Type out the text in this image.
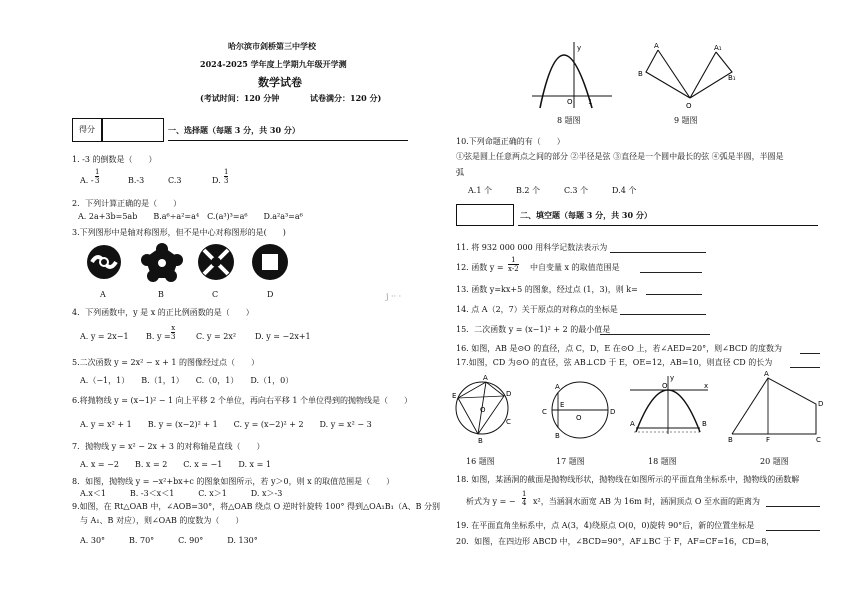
哈尔滨市剑桥第三中学校
2024-2025 学年度上学期九年级开学测
数学试卷
(考试时间：120 分钟	试卷满分：120 分)
得分	一、选择题（每题 3 分，共 30 分）
1. -3 的倒数是（　　）
A. -
1
3	B.-3	C.3	D.
1
3
2．下列计算正确的是（　　）
A. 2a+3b=5ab　　B.a⁶÷a²=a⁴　C.(a³)³=a⁶　　D.a²a³=a⁶
3.下列图形中是轴对称图形，但不是中心对称图形的是(　　)
A	B	C	D
4．下列函数中，y 是 x 的正比例函数的是（　　）
A. y = 2x−1 B. y =
x
3	C. y = 2x² D. y = −2x+1
5.二次函数 y = 2x² − x + 1 的图像经过点（　　）
A.（−1，1）　　B.（1，1）　　C.（0，1）　　D.（1，0）
6.将抛物线 y = (x−1)² − 1 向上平移 2 个单位，再向右平移 1 个单位得到的抛物线是（　　）
A. y = x² + 1　　B. y = (x−2)² + 1　　C. y = (x−2)² + 2　　D. y = x² − 3
7．抛物线 y = x² − 2x + 3 的对称轴是直线（　　）
A. x = −2　　B. x = 2　　C. x = −1　　D. x = 1
8．如图，抛物线 y = −x²+bx+c 的图象如图所示，若 y＞0，则 x 的取值范围是（　　）
A.x＜1　　　B. -3＜x＜1　　　C. x＞1　　　D. x＞-3
9.如图，在 Rt△OAB 中，∠AOB=30°，将△OAB 绕点 O 逆时针旋转 100° 得到△OA₁B₁（A、B 分别
与 A₁、B 对应），则∠OAB 的度数为（　　）
A. 30°　　　B. 70°　　　C. 90°　　　D. 130°
j ·· ·
y
O 1
8 题图
A	A₁
B	B₁
O
9 题图
10.下列命题正确的有（　　）
①弦是圆上任意两点之间的部分 ②半径是弦 ③直径是一个圆中最长的弦 ④弧是半圆，半圆是
弧
A.1 个　　　B.2 个　　　C.3 个　　　D.4 个
二、填空题（每题 3 分，共 30 分）
11. 将 932 000 000 用科学记数法表示为
12. 函数 y =
1
x-2 中自变量 x 的取值范围是
13. 函数 y=kx+5 的图象，经过点 (1，3)，则 k=
14. 点 A（2，7）关于原点的对称点的坐标是
15．二次函数 y = (x−1)² + 2 的最小值是
16. 如图，AB 是⊙O 的直径，点 C，D，E 在⊙O 上，若∠AED=20°，则∠BCD 的度数为
17.如图，CD 为⊙O 的直径，弦 AB⊥CD 于 E，OE=12，AB=10，则直径 CD 的长为
A
E	D
O
C
B
16 题图
A
C
E
O
D
B
17 题图
y
O	x
A	B
18 题图
A
D
B	F	C
20 题图
18. 如图，某涵洞的截面是抛物线形状，抛物线在如图所示的平面直角坐标系中，抛物线的函数解
析式为 y = −
1
4 x²，当涵洞水面宽 AB 为 16m 时，涵洞顶点 O 至水面的距离为
19. 在平面直角坐标系中，点 A(3，4)绕原点 O(0，0)旋转 90°后，新的位置坐标是
20．如图，在四边形 ABCD 中，∠BCD=90°，AF⊥BC 于 F，AF=CF=16，CD=8，
